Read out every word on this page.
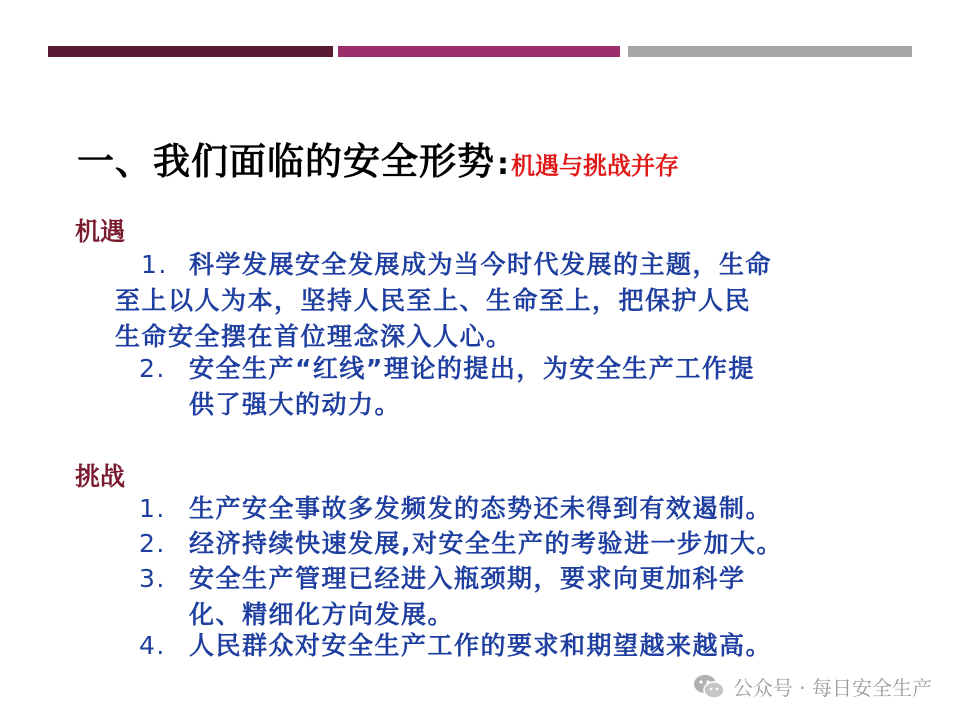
一、我们面临的安全形势:机遇与挑战并存
机遇
1. 科学发展安全发展成为当今时代发展的主题，生命
至上以人为本，坚持人民至上、生命至上，把保护人民
生命安全摆在首位理念深入人心。
2. 安全生产“红线”理论的提出，为安全生产工作提
供了强大的动力。
挑战
1. 生产安全事故多发频发的态势还未得到有效遏制。
2. 经济持续快速发展,对安全生产的考验进一步加大。
3. 安全生产管理已经进入瓶颈期，要求向更加科学
化、精细化方向发展。
4. 人民群众对安全生产工作的要求和期望越来越高。
公众号 · 每日安全生产
